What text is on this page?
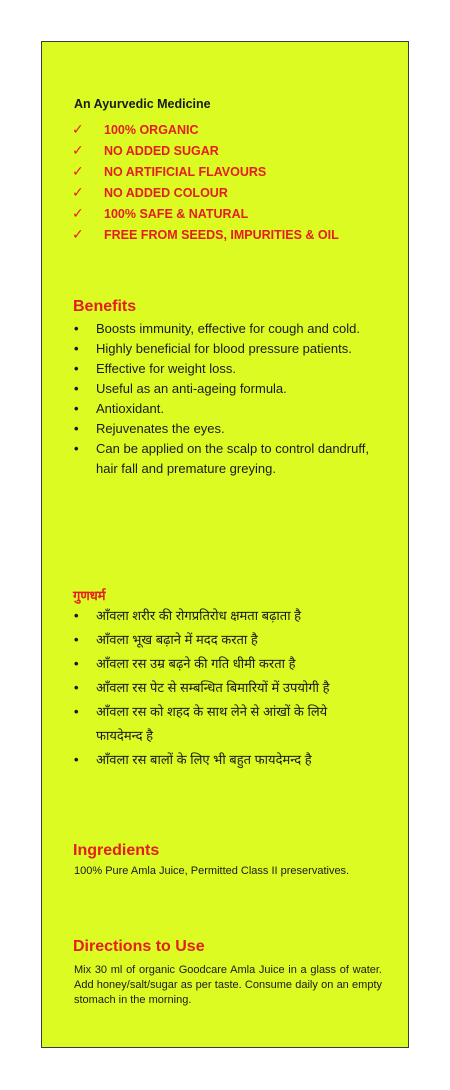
An Ayurvedic Medicine
✓	100% ORGANIC
✓	NO ADDED SUGAR
✓	NO ARTIFICIAL FLAVOURS
✓	NO ADDED COLOUR
✓	100% SAFE & NATURAL
✓	FREE FROM SEEDS, IMPURITIES & OIL
Benefits
• Boosts immunity, effective for cough and cold.
• Highly beneficial for blood pressure patients.
• Effective for weight loss.
• Useful as an anti-ageing formula.
• Antioxidant.
• Rejuvenates the eyes.
• Can be applied on the scalp to control dandruff, hair fall and premature greying.
गुणधर्म
• आँवला शरीर की रोगप्रतिरोध क्षमता बढ़ाता है
• आँवला भूख बढ़ाने में मदद करता है
• आँवला रस उम्र बढ़ने की गति धीमी करता है
• आँवला रस पेट से सम्बन्धित बिमारियों में उपयोगी है
• आँवला रस को शहद के साथ लेने से आंखों के लिये फायदेमन्द है
• आँवला रस बालों के लिए भी बहुत फायदेमन्द है
Ingredients
100% Pure Amla Juice, Permitted Class II preservatives.
Directions to Use
Mix 30 ml of organic Goodcare Amla Juice in a glass of water. Add honey/salt/sugar as per taste. Consume daily on an empty stomach in the morning.
